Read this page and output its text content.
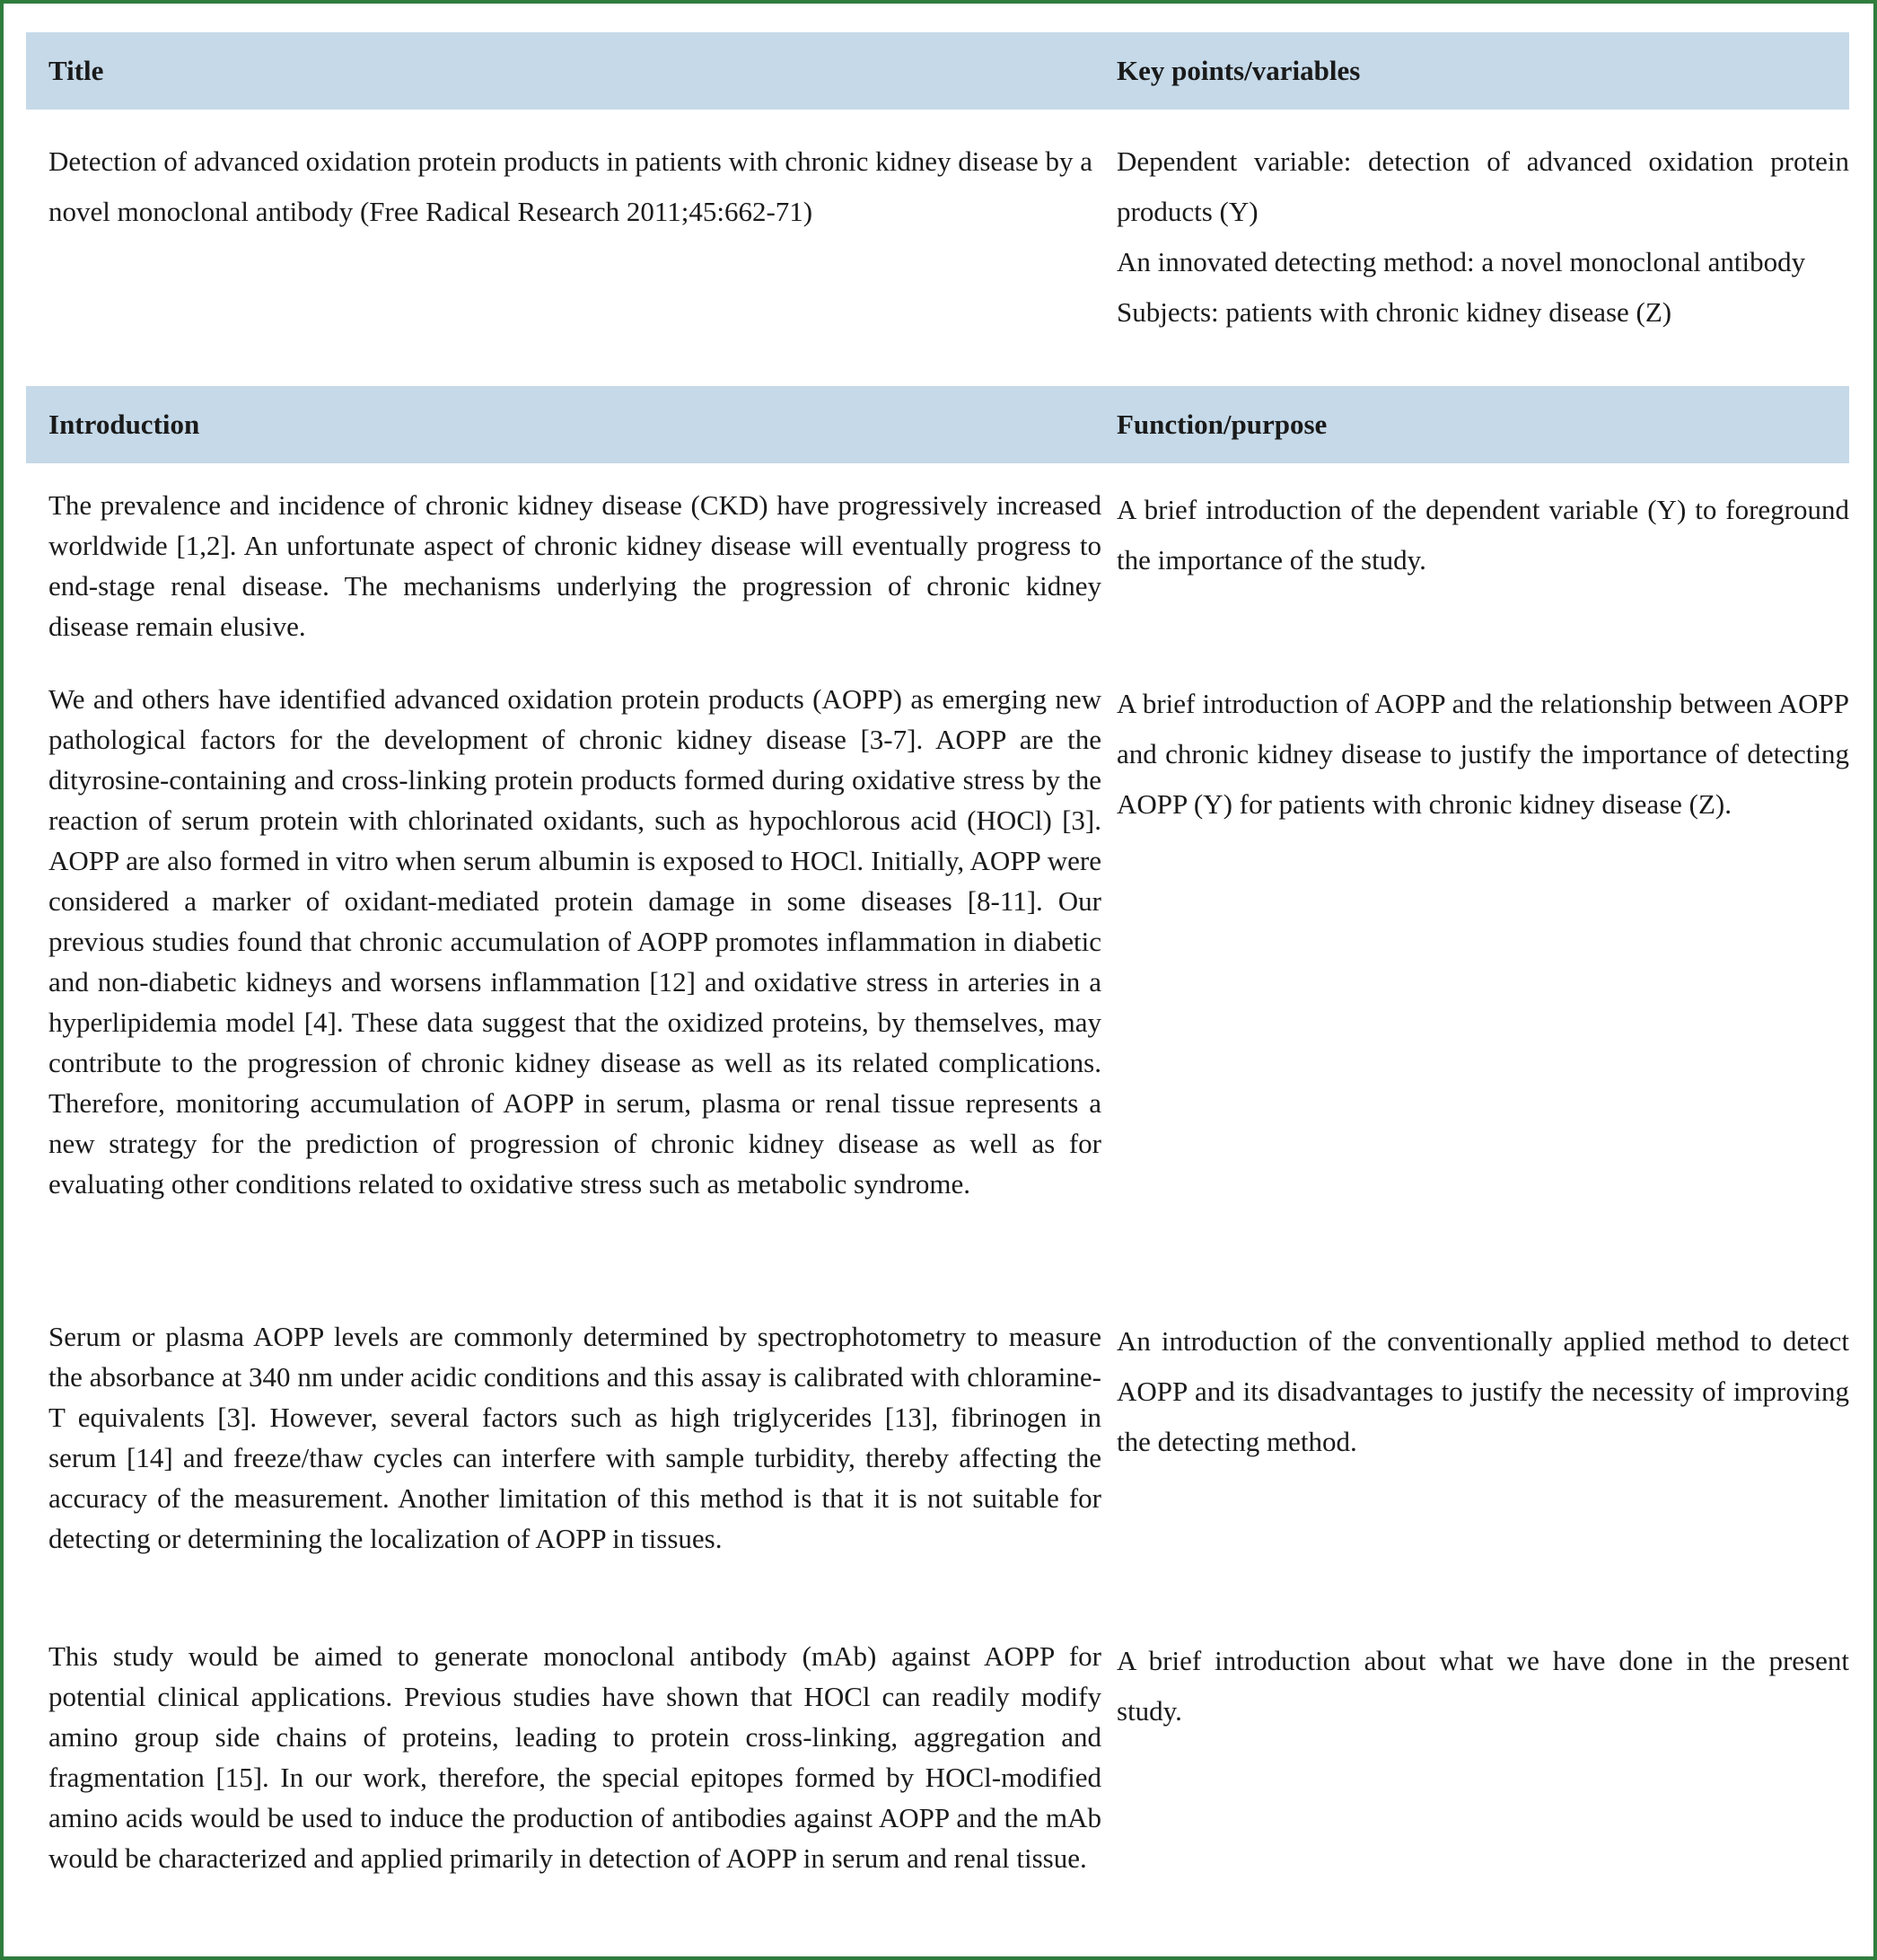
Title	Key points/variables

Detection of advanced oxidation protein products in patients with chronic kidney disease by a novel monoclonal antibody (Free Radical Research 2011;45:662-71)

Dependent variable: detection of advanced oxidation protein products (Y)

An innovated detecting method: a novel monoclonal antibody

Subjects: patients with chronic kidney disease (Z)

Introduction	Function/purpose

The prevalence and incidence of chronic kidney disease (CKD) have progressively increased worldwide [1,2]. An unfortunate aspect of chronic kidney disease will eventually progress to end-stage renal disease. The mechanisms underlying the progression of chronic kidney disease remain elusive.

A brief introduction of the dependent variable (Y) to foreground the importance of the study.

We and others have identified advanced oxidation protein products (AOPP) as emerging new pathological factors for the development of chronic kidney disease [3-7]. AOPP are the dityrosine-containing and cross-linking protein products formed during oxidative stress by the reaction of serum protein with chlorinated oxidants, such as hypochlorous acid (HOCl) [3]. AOPP are also formed in vitro when serum albumin is exposed to HOCl. Initially, AOPP were considered a marker of oxidant-mediated protein damage in some diseases [8-11]. Our previous studies found that chronic accumulation of AOPP promotes inflammation in diabetic and non-diabetic kidneys and worsens inflammation [12] and oxidative stress in arteries in a hyperlipidemia model [4]. These data suggest that the oxidized proteins, by themselves, may contribute to the progression of chronic kidney disease as well as its related complications. Therefore, monitoring accumulation of AOPP in serum, plasma or renal tissue represents a new strategy for the prediction of progression of chronic kidney disease as well as for evaluating other conditions related to oxidative stress such as metabolic syndrome.

A brief introduction of AOPP and the relationship between AOPP and chronic kidney disease to justify the importance of detecting AOPP (Y) for patients with chronic kidney disease (Z).

Serum or plasma AOPP levels are commonly determined by spectrophotometry to measure the absorbance at 340 nm under acidic conditions and this assay is calibrated with chloramine-T equivalents [3]. However, several factors such as high triglycerides [13], fibrinogen in serum [14] and freeze/thaw cycles can interfere with sample turbidity, thereby affecting the accuracy of the measurement. Another limitation of this method is that it is not suitable for detecting or determining the localization of AOPP in tissues.

An introduction of the conventionally applied method to detect AOPP and its disadvantages to justify the necessity of improving the detecting method.

This study would be aimed to generate monoclonal antibody (mAb) against AOPP for potential clinical applications. Previous studies have shown that HOCl can readily modify amino group side chains of proteins, leading to protein cross-linking, aggregation and fragmentation [15]. In our work, therefore, the special epitopes formed by HOCl-modified amino acids would be used to induce the production of antibodies against AOPP and the mAb would be characterized and applied primarily in detection of AOPP in serum and renal tissue.

A brief introduction about what we have done in the present study.
